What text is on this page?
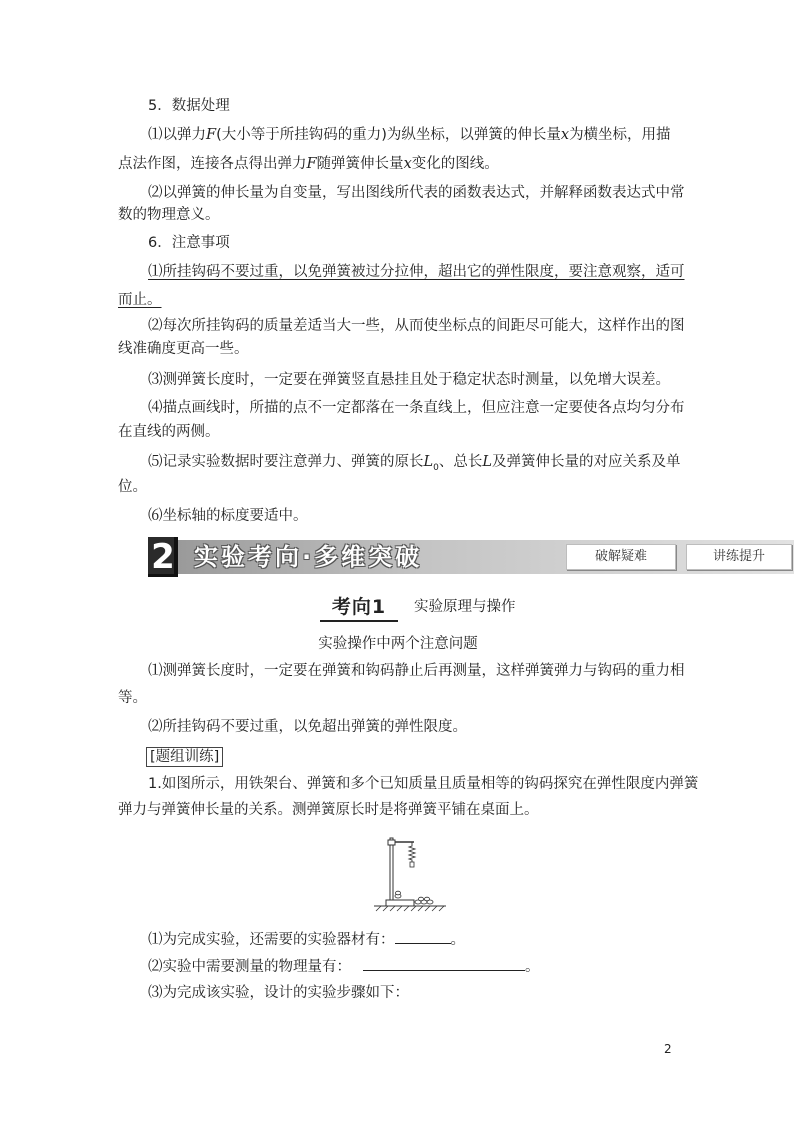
5．数据处理
⑴以弹力F(大小等于所挂钩码的重力)为纵坐标，以弹簧的伸长量x为横坐标，用描
点法作图，连接各点得出弹力F随弹簧伸长量x变化的图线。
⑵以弹簧的伸长量为自变量，写出图线所代表的函数表达式，并解释函数表达式中常
数的物理意义。
6．注意事项
⑴所挂钩码不要过重，以免弹簧被过分拉伸，超出它的弹性限度，要注意观察，适可
而止。
⑵每次所挂钩码的质量差适当大一些，从而使坐标点的间距尽可能大，这样作出的图
线准确度更高一些。
⑶测弹簧长度时，一定要在弹簧竖直悬挂且处于稳定状态时测量，以免增大误差。
⑷描点画线时，所描的点不一定都落在一条直线上，但应注意一定要使各点均匀分布
在直线的两侧。
⑸记录实验数据时要注意弹力、弹簧的原长$L_0$、总长L及弹簧伸长量的对应关系及单
位。
⑹坐标轴的标度要适中。
2 实验考向·多维突破	破解疑难	讲练提升
考向1	实验原理与操作
实验操作中两个注意问题
⑴测弹簧长度时，一定要在弹簧和钩码静止后再测量，这样弹簧弹力与钩码的重力相
等。
⑵所挂钩码不要过重，以免超出弹簧的弹性限度。
[题组训练]
1.如图所示，用铁架台、弹簧和多个已知质量且质量相等的钩码探究在弹性限度内弹簧
弹力与弹簧伸长量的关系。测弹簧原长时是将弹簧平铺在桌面上。
⑴为完成实验，还需要的实验器材有：	。
⑵实验中需要测量的物理量有：	。
⑶为完成该实验，设计的实验步骤如下：
2
